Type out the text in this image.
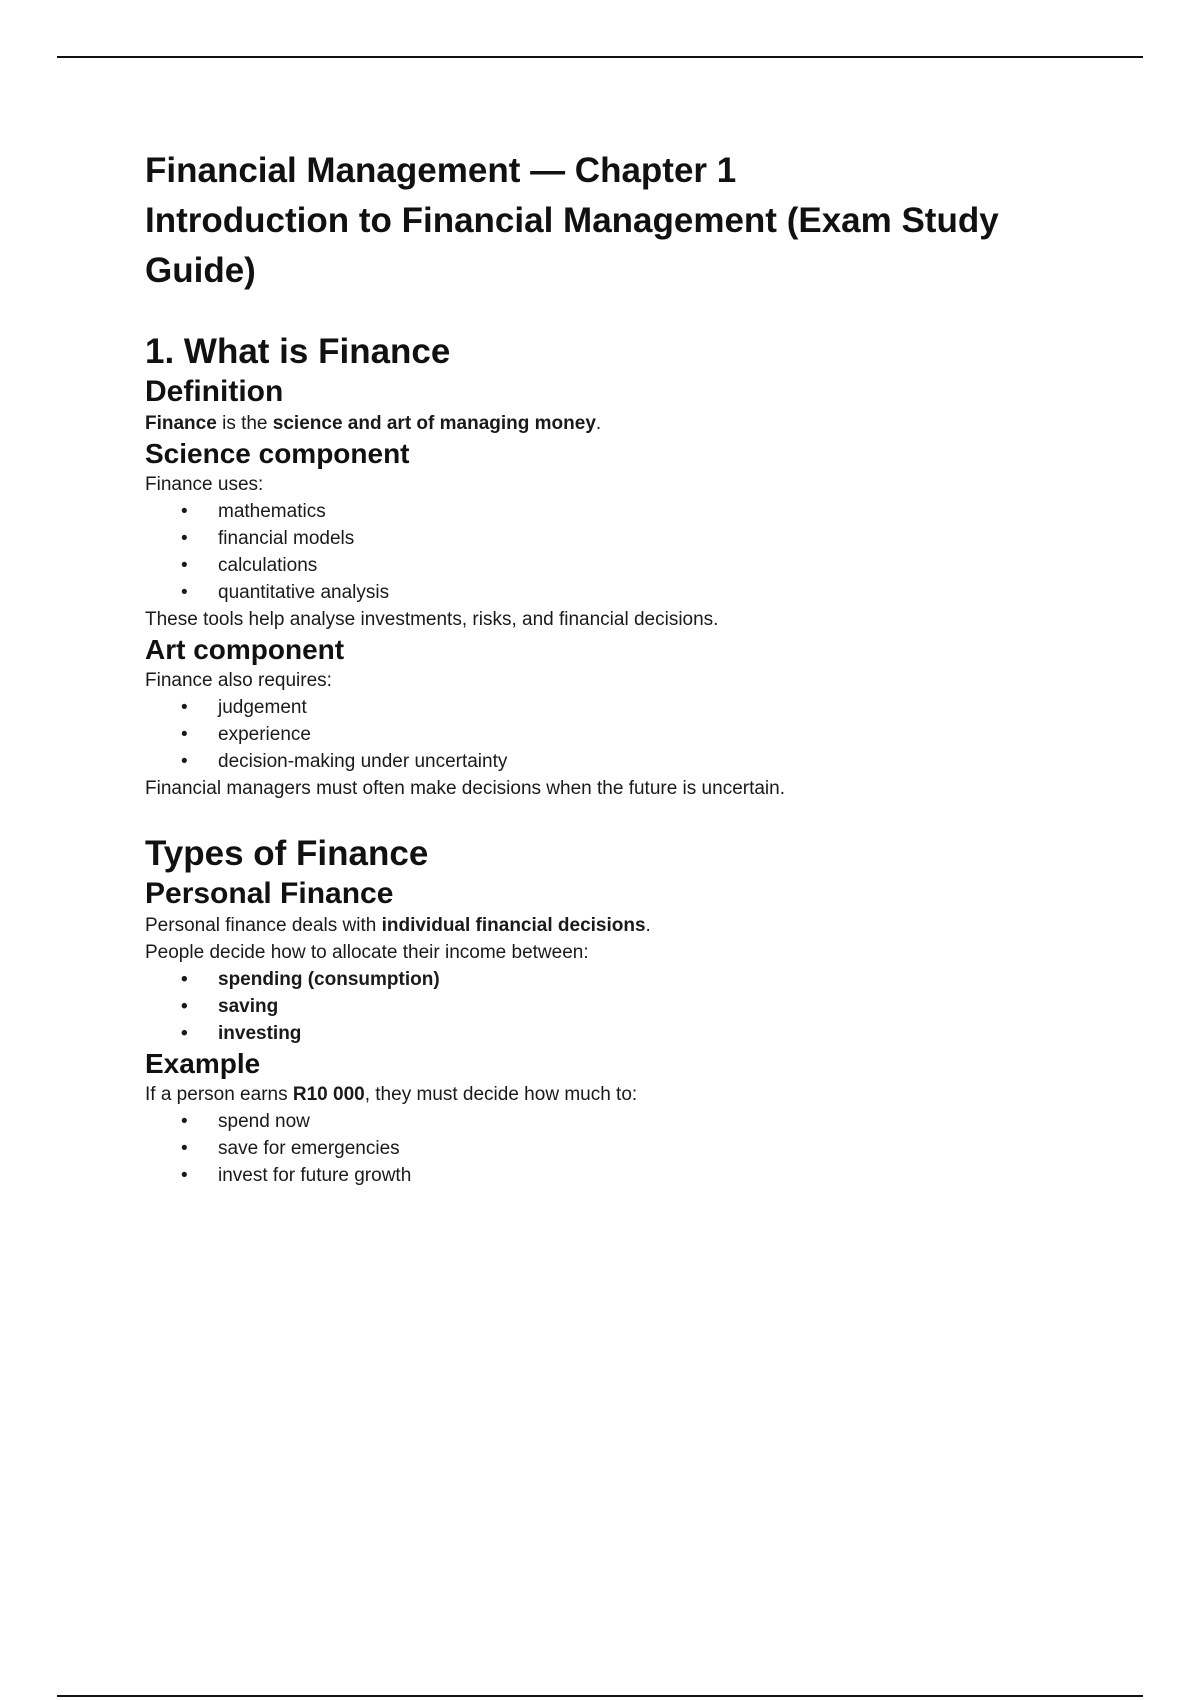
Financial Management — Chapter 1
Introduction to Financial Management (Exam Study
Guide)
1. What is Finance
Definition

Finance is the science and art of managing money.

Science component

Finance uses:

• mathematics
• financial models
• calculations
• quantitative analysis

These tools help analyse investments, risks, and financial decisions.

Art component

Finance also requires:

• judgement
• experience
• decision-making under uncertainty

Financial managers must often make decisions when the future is uncertain.

Types of Finance
Personal Finance

Personal finance deals with individual financial decisions.

People decide how to allocate their income between:

• spending (consumption)
• saving
• investing
Example

If a person earns R10 000, they must decide how much to:

• spend now
• save for emergencies
• invest for future growth
